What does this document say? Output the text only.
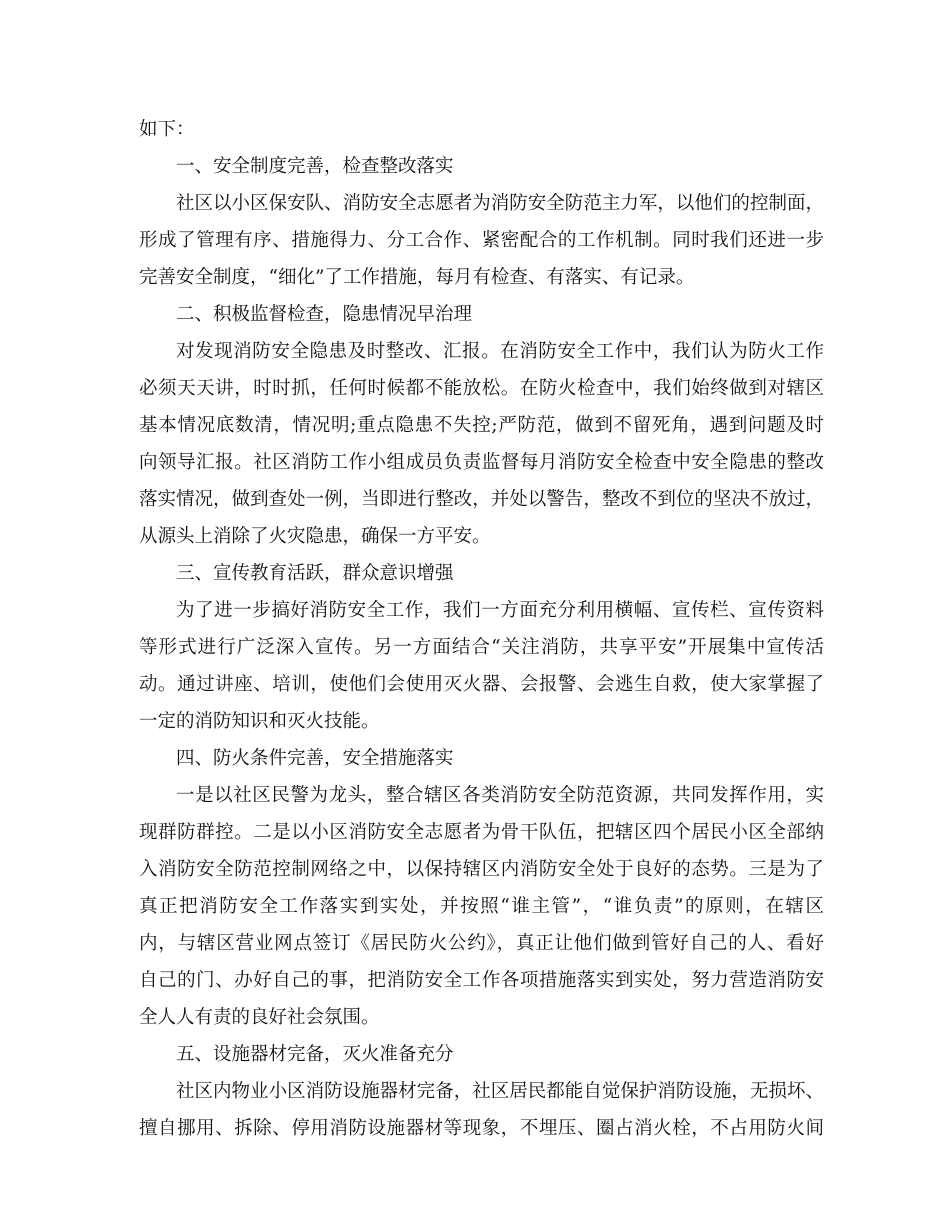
如下：
一、安全制度完善，检查整改落实
社区以小区保安队、消防安全志愿者为消防安全防范主力军，以他们的控制面，
形成了管理有序、措施得力、分工合作、紧密配合的工作机制。同时我们还进一步
完善安全制度，“细化”了工作措施，每月有检查、有落实、有记录。
二、积极监督检查，隐患情况早治理
对发现消防安全隐患及时整改、汇报。在消防安全工作中，我们认为防火工作
必须天天讲，时时抓，任何时候都不能放松。在防火检查中，我们始终做到对辖区
基本情况底数清，情况明;重点隐患不失控;严防范，做到不留死角，遇到问题及时
向领导汇报。社区消防工作小组成员负责监督每月消防安全检查中安全隐患的整改
落实情况，做到查处一例，当即进行整改，并处以警告，整改不到位的坚决不放过，
从源头上消除了火灾隐患，确保一方平安。
三、宣传教育活跃，群众意识增强
为了进一步搞好消防安全工作，我们一方面充分利用横幅、宣传栏、宣传资料
等形式进行广泛深入宣传。另一方面结合“关注消防，共享平安”开展集中宣传活
动。通过讲座、培训，使他们会使用灭火器、会报警、会逃生自救，使大家掌握了
一定的消防知识和灭火技能。
四、防火条件完善，安全措施落实
一是以社区民警为龙头，整合辖区各类消防安全防范资源，共同发挥作用，实
现群防群控。二是以小区消防安全志愿者为骨干队伍，把辖区四个居民小区全部纳
入消防安全防范控制网络之中，以保持辖区内消防安全处于良好的态势。三是为了
真正把消防安全工作落实到实处，并按照“谁主管”，“谁负责”的原则，在辖区
内，与辖区营业网点签订《居民防火公约》，真正让他们做到管好自己的人、看好
自己的门、办好自己的事，把消防安全工作各项措施落实到实处，努力营造消防安
全人人有责的良好社会氛围。
五、设施器材完备，灭火准备充分
社区内物业小区消防设施器材完备，社区居民都能自觉保护消防设施，无损坏、
擅自挪用、拆除、停用消防设施器材等现象，不埋压、圈占消火栓，不占用防火间
